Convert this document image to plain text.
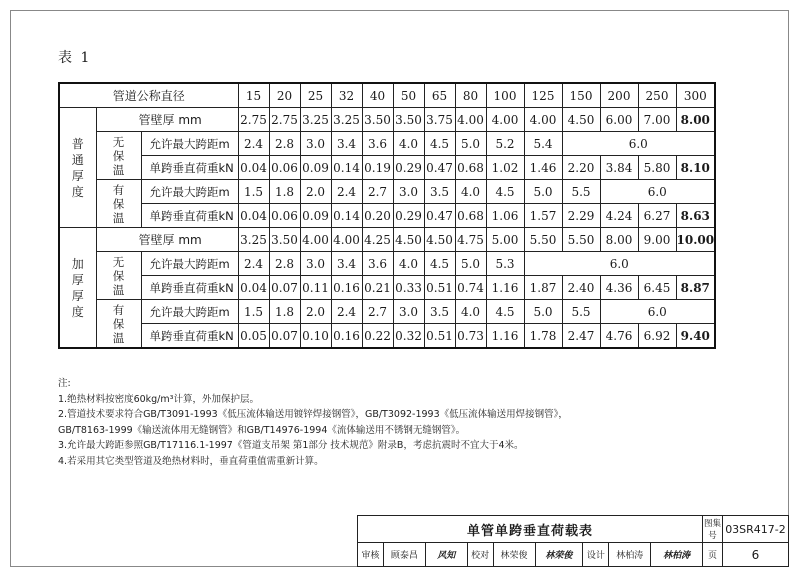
表 1
管道公称直径			15	20	25	32	40	50	65	80	100	125	150	200	250	300

普
通
厚
度	管壁厚 mm		2.75	2.75	3.25	3.25	3.50	3.50	3.75	4.00	4.00	4.00	4.50	6.00	7.00	8.00

	无
保
温	允许最大跨距m	2.4	2.8	3.0	3.4	3.6	4.0	4.5	5.0	5.2	5.4	6.0			
		单跨垂直荷重kN	0.04	0.06	0.09	0.14	0.19	0.29	0.47	0.68	1.02	1.46	2.20	3.84	5.80	8.10

	有
保
温	允许最大跨距m	1.5	1.8	2.0	2.4	2.7	3.0	3.5	4.0	4.5	5.0	5.5	6.0		
		单跨垂直荷重kN	0.04	0.06	0.09	0.14	0.20	0.29	0.47	0.68	1.06	1.57	2.29	4.24	6.27	8.63

加
厚
厚
度	管壁厚 mm		3.25	3.50	4.00	4.00	4.25	4.50	4.50	4.75	5.00	5.50	5.50	8.00	9.00	10.00

	无
保
温	允许最大跨距m	2.4	2.8	3.0	3.4	3.6	4.0	4.5	5.0	5.3	6.0				
		单跨垂直荷重kN	0.04	0.07	0.11	0.16	0.21	0.33	0.51	0.74	1.16	1.87	2.40	4.36	6.45	8.87

	有
保
温	允许最大跨距m	1.5	1.8	2.0	2.4	2.7	3.0	3.5	4.0	4.5	5.0	5.5	6.0		
		单跨垂直荷重kN	0.05	0.07	0.10	0.16	0.22	0.32	0.51	0.73	1.16	1.78	2.47	4.76	6.92	9.40
注:
1.绝热材料按密度60kg/m³计算，外加保护层。
2.管道技术要求符合GB/T3091-1993《低压流体输送用镀锌焊接钢管》，GB/T3092-1993《低压流体输送用焊接钢管》，
GB/T8163-1999《输送流体用无缝钢管》和GB/T14976-1994《流体输送用不锈钢无缝钢管》。
3.允许最大跨距参照GB/T17116.1-1997《管道支吊架 第1部分 技术规范》附录B，考虑抗震时不宜大于4米。
4.若采用其它类型管道及绝热材料时，垂直荷重值需重新计算。
单管单跨垂直荷载表									图集号	03SR417-2
审核	顾泰昌	风知	校对	林荣俊	林荣俊	设计	林柏涛	林柏涛	页	6
